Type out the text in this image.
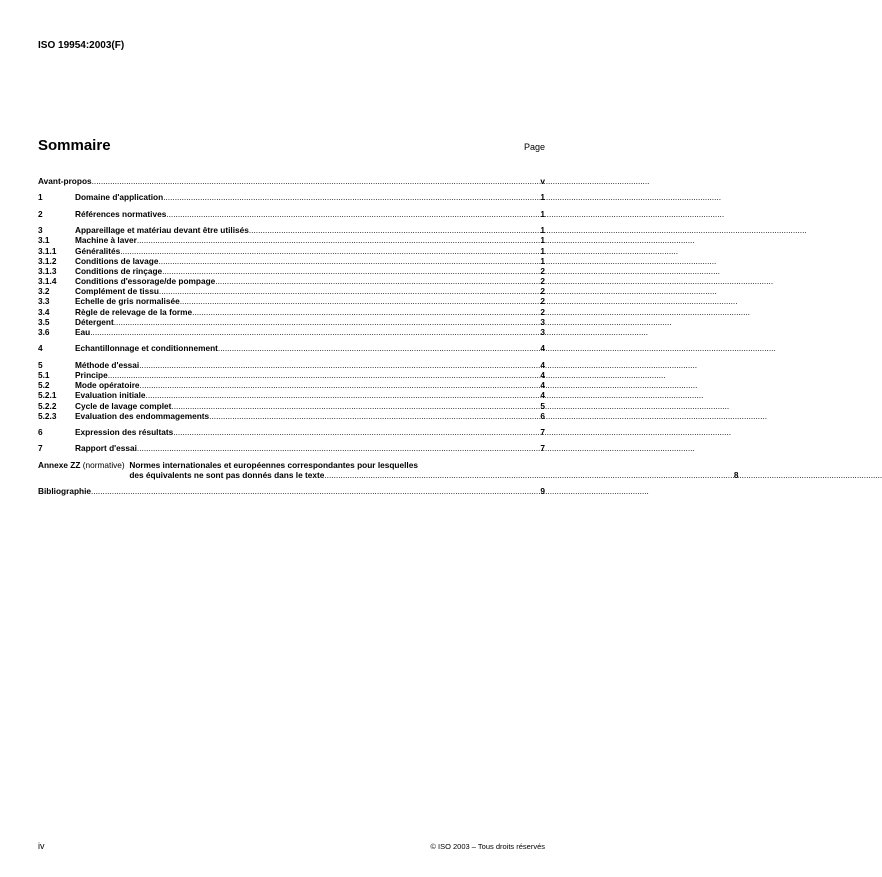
ISO 19954:2003(F)
Sommaire	Page
Avant-propos .....	v
1	Domaine d'application .....	1
2	Références normatives .....	1
3	Appareillage et matériau devant être utilisés .....	1
3.1	Machine à laver .....	1
3.1.1	Généralités .....	1
3.1.2	Conditions de lavage .....	1
3.1.3	Conditions de rinçage .....	2
3.1.4	Conditions d'essorage/de pompage .....	2
3.2	Complément de tissu .....	2
3.3	Echelle de gris normalisée .....	2
3.4	Règle de relevage de la forme .....	2
3.5	Détergent .....	3
3.6	Eau .....	3
4	Echantillonnage et conditionnement .....	4
5	Méthode d'essai .....	4
5.1	Principe .....	4
5.2	Mode opératoire .....	4
5.2.1	Evaluation initiale .....	4
5.2.2	Cycle de lavage complet .....	5
5.2.3	Evaluation des endommagements .....	6
6	Expression des résultats .....	7
7	Rapport d'essai .....	7
Annexe ZZ (normative) Normes internationales et européennes correspondantes pour lesquelles
des équivalents ne sont pas donnés dans le texte .....	8
Bibliographie .....	9
iv	© ISO 2003 – Tous droits réservés
